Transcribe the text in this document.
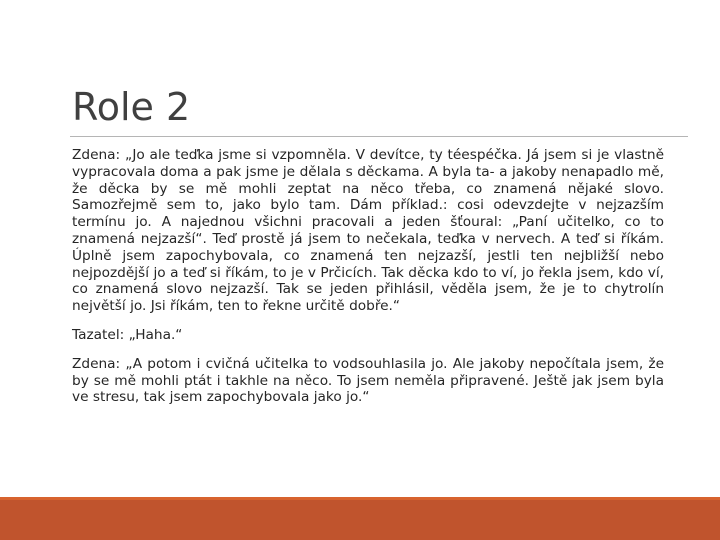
Role 2

Zdena: „Jo ale teďka jsme si vzpomněla. V devítce, ty téespéčka. Já jsem si je vlastně vypracovala doma a pak jsme je dělala s děckama. A byla ta- a jakoby nenapadlo mě, že děcka by se mě mohli zeptat na něco třeba, co znamená nějaké slovo. Samozřejmě sem to, jako bylo tam. Dám příklad.: cosi odevzdejte v nejzazším termínu jo. A najednou všichni pracovali a jeden šťoural: „Paní učitelko, co to znamená nejzazší“. Teď prostě já jsem to nečekala, teďka v nervech. A teď si říkám. Úplně jsem zapochybovala, co znamená ten nejzazší, jestli ten nejbližší nebo nejpozdější jo a teď si říkám, to je v Prčicích. Tak děcka kdo to ví, jo řekla jsem, kdo ví, co znamená slovo nejzazší. Tak se jeden přihlásil, věděla jsem, že je to chytrolín největší jo. Jsi říkám, ten to řekne určitě dobře.“

Tazatel: „Haha.“

Zdena: „A potom i cvičná učitelka to vodsouhlasila jo. Ale jakoby nepočítala jsem, že by se mě mohli ptát i takhle na něco. To jsem neměla připravené. Ještě jak jsem byla ve stresu, tak jsem zapochybovala jako jo.“
